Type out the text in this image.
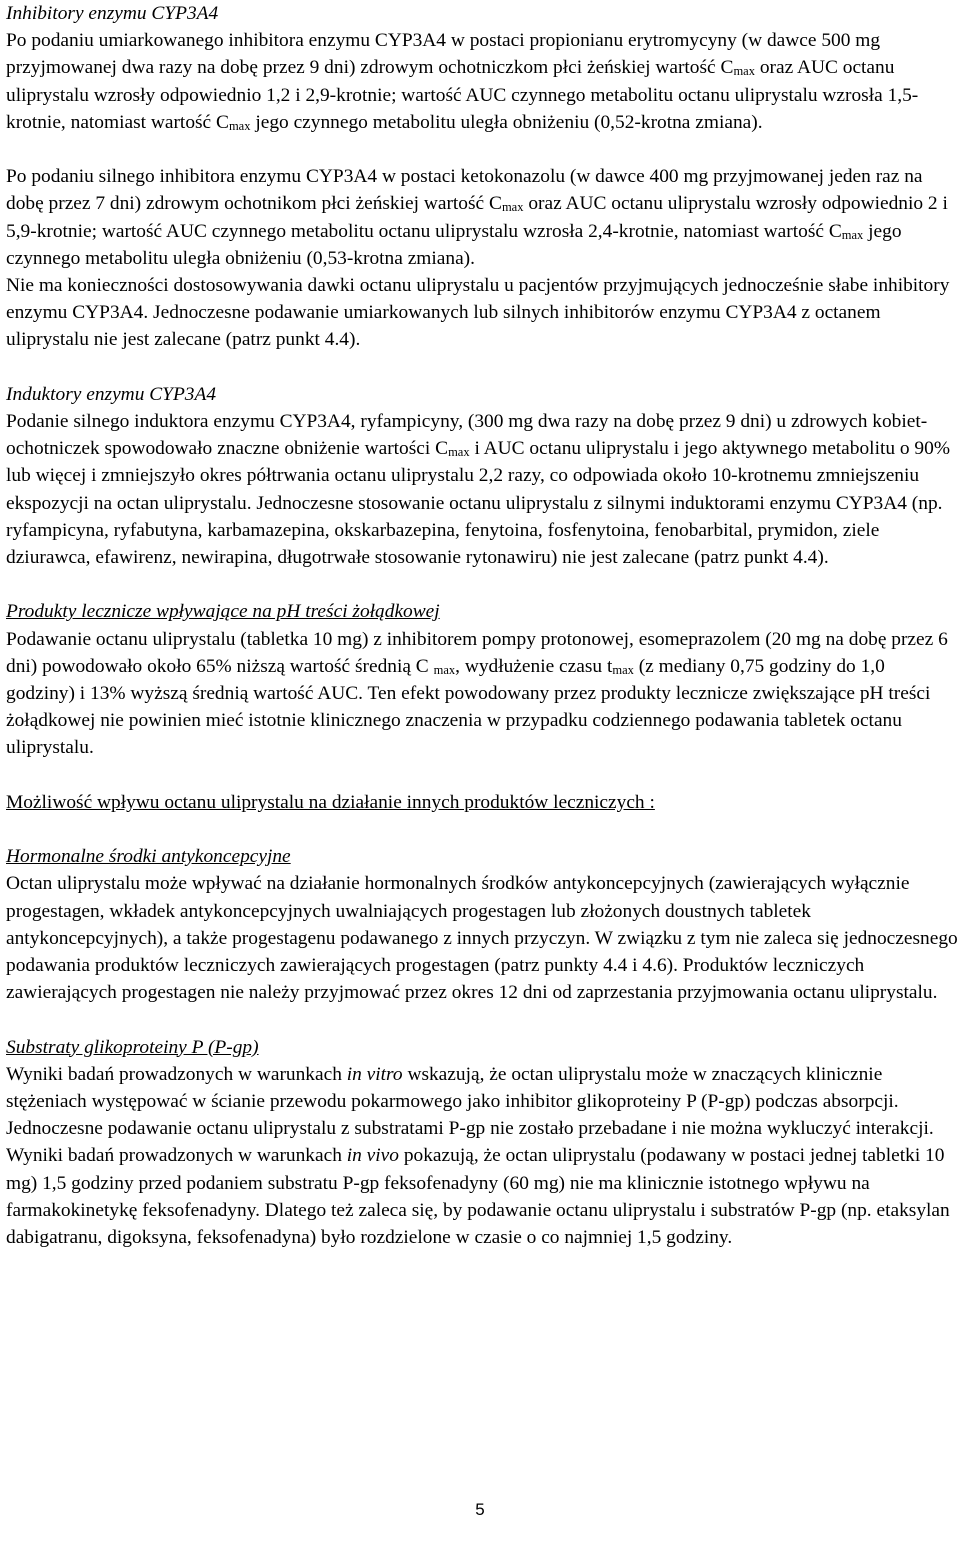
Inhibitory enzymu CYP3A4
Po podaniu umiarkowanego inhibitora enzymu CYP3A4 w postaci propionianu erytromycyny (w dawce 500 mg przyjmowanej dwa razy na dobę przez 9 dni) zdrowym ochotniczkom płci żeńskiej wartość Cmax oraz AUC octanu uliprystalu wzrosły odpowiednio 1,2 i 2,9-krotnie; wartość AUC czynnego metabolitu octanu uliprystalu wzrosła 1,5-krotnie, natomiast wartość Cmax jego czynnego metabolitu uległa obniżeniu (0,52-krotna zmiana).
Po podaniu silnego inhibitora enzymu CYP3A4 w postaci ketokonazolu (w dawce 400 mg przyjmowanej jeden raz na dobę przez 7 dni) zdrowym ochotnikom płci żeńskiej wartość Cmax oraz AUC octanu uliprystalu wzrosły odpowiednio 2 i 5,9-krotnie; wartość AUC czynnego metabolitu octanu uliprystalu wzrosła 2,4-krotnie, natomiast wartość Cmax jego czynnego metabolitu uległa obniżeniu (0,53-krotna zmiana).
Nie ma konieczności dostosowywania dawki octanu uliprystalu u pacjentów przyjmujących jednocześnie słabe inhibitory enzymu CYP3A4. Jednoczesne podawanie umiarkowanych lub silnych inhibitorów enzymu CYP3A4 z octanem uliprystalu nie jest zalecane (patrz punkt 4.4).
Induktory enzymu CYP3A4
Podanie silnego induktora enzymu CYP3A4, ryfampicyny, (300 mg dwa razy na dobę przez 9 dni) u zdrowych kobiet-ochotniczek spowodowało znaczne obniżenie wartości Cmax i AUC octanu uliprystalu i jego aktywnego metabolitu o 90% lub więcej i zmniejszyło okres półtrwania octanu uliprystalu 2,2 razy, co odpowiada około 10-krotnemu zmniejszeniu ekspozycji na octan uliprystalu. Jednoczesne stosowanie octanu uliprystalu z silnymi induktorami enzymu CYP3A4 (np. ryfampicyna, ryfabutyna, karbamazepina, okskarbazepina, fenytoina, fosfenytoina, fenobarbital, prymidon, ziele dziurawca, efawirenz, newirapina, długotrwałe stosowanie rytonawiru) nie jest zalecane (patrz punkt 4.4).
Produkty lecznicze wpływające na pH treści żołądkowej
Podawanie octanu uliprystalu (tabletka 10 mg) z inhibitorem pompy protonowej, esomeprazolem (20 mg na dobę przez 6 dni) powodowało około 65% niższą wartość średnią C max, wydłużenie czasu tmax (z mediany 0,75 godziny do 1,0 godziny) i 13% wyższą średnią wartość AUC. Ten efekt powodowany przez produkty lecznicze zwiększające pH treści żołądkowej nie powinien mieć istotnie klinicznego znaczenia w przypadku codziennego podawania tabletek octanu uliprystalu.
Możliwość wpływu octanu uliprystalu na działanie innych produktów leczniczych :
Hormonalne środki antykoncepcyjne
Octan uliprystalu może wpływać na działanie hormonalnych środków antykoncepcyjnych (zawierających wyłącznie progestagen, wkładek antykoncepcyjnych uwalniających progestagen lub złożonych doustnych tabletek antykoncepcyjnych), a także progestagenu podawanego z innych przyczyn. W związku z tym nie zaleca się jednoczesnego podawania produktów leczniczych zawierających progestagen (patrz punkty 4.4 i 4.6). Produktów leczniczych zawierających progestagen nie należy przyjmować przez okres 12 dni od zaprzestania przyjmowania octanu uliprystalu.
Substraty glikoproteiny P (P-gp)
Wyniki badań prowadzonych w warunkach in vitro wskazują, że octan uliprystalu może w znaczących klinicznie stężeniach występować w ścianie przewodu pokarmowego jako inhibitor glikoproteiny P (P-gp) podczas absorpcji. Jednoczesne podawanie octanu uliprystalu z substratami P-gp nie zostało przebadane i nie można wykluczyć interakcji. Wyniki badań prowadzonych w warunkach in vivo pokazują, że octan uliprystalu (podawany w postaci jednej tabletki 10 mg) 1,5 godziny przed podaniem substratu P-gp feksofenadyny (60 mg) nie ma klinicznie istotnego wpływu na farmakokinetykę feksofenadyny. Dlatego też zaleca się, by podawanie octanu uliprystalu i substratów P-gp (np. etaksylan dabigatranu, digoksyna, feksofenadyna) było rozdzielone w czasie o co najmniej 1,5 godziny.
5
